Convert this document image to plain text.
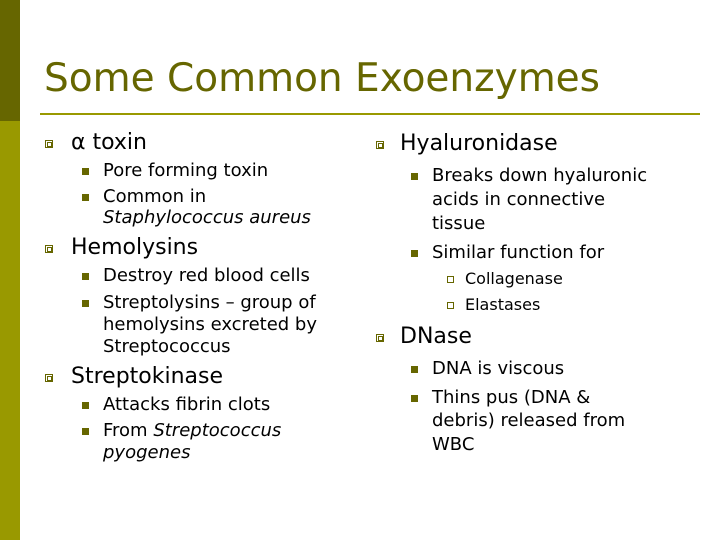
Some Common Exoenzymes
α toxin
Pore forming toxin
Common in
Staphylococcus aureus
Hemolysins
Destroy red blood cells
Streptolysins – group of
hemolysins excreted by
Streptococcus
Streptokinase
Attacks fibrin clots
From Streptococcus
pyogenes
Hyaluronidase
Breaks down hyaluronic
acids in connective
tissue
Similar function for
Collagenase
Elastases
DNase
DNA is viscous
Thins pus (DNA &
debris) released from
WBC
